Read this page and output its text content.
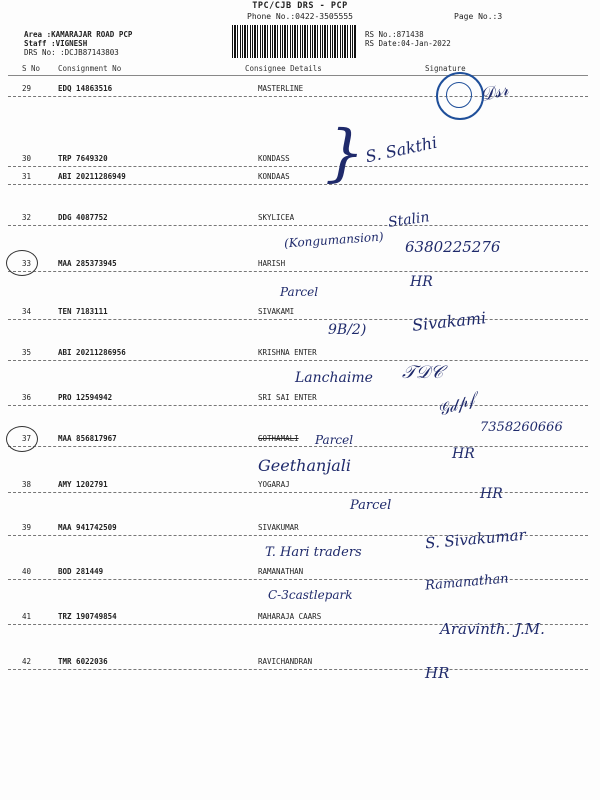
TPC/CJB DRS - PCP
Phone No.:0422-3505555	Page No.:3
Area :KAMARAJAR ROAD PCP
Staff :VIGNESH
DRS No: :DCJB87143803
RS No.:871438
RS Date:04-Jan-2022
S No Consignment No	Consignee Details	Signature
29	EDQ 14863516	MASTERLINE
30	TRP 7649320	KONDASS
31	ABI 20211286949	KONDAAS
32	DDG 4087752	SKYLICEA
33	MAA 285373945	HARISH
34	TEN 7183111	SIVAKAMI
35	ABI 20211286956	KRISHNA ENTER
36	PRO 12594942	SRI SAI ENTER
37	MAA 856817967	GOTHAMALI
38	AMY 1202791	YOGARAJ
39	MAA 941742509	SIVAKUMAR
40	BOD 281449	RAMANATHAN
41	TRZ 190749854	MAHARAJA CAARS
42	TMR 6022036	RAVICHANDRAN
𝒟𝓈𝓇
} S. Sakthi
Stalin
(Kongumansion) 6380225276
Parcel
HR
9B/2)	Sivakami
Lanchaime 𝒯𝒟𝒞
𝒢𝒹𝓅𝒻
7358260666
Parcel
Geethanjali
HR
Parcel
HR
S. Sivakumar
T. Hari traders
C-3castlepark
Ramanathan
Aravinth. J.M.
HR
